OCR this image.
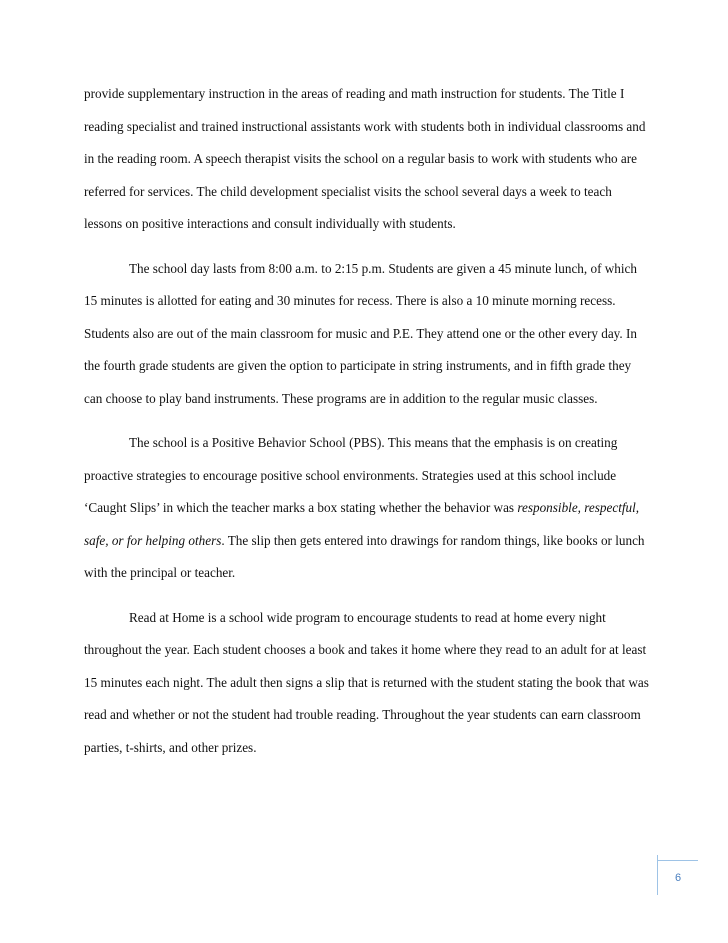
provide supplementary instruction in the areas of reading and math instruction for students. The Title I reading specialist and trained instructional assistants work with students both in individual classrooms and in the reading room. A speech therapist visits the school on a regular basis to work with students who are referred for services. The child development specialist visits the school several days a week to teach lessons on positive interactions and consult individually with students.

The school day lasts from 8:00 a.m. to 2:15 p.m. Students are given a 45 minute lunch, of which 15 minutes is allotted for eating and 30 minutes for recess. There is also a 10 minute morning recess. Students also are out of the main classroom for music and P.E. They attend one or the other every day. In the fourth grade students are given the option to participate in string instruments, and in fifth grade they can choose to play band instruments. These programs are in addition to the regular music classes.

The school is a Positive Behavior School (PBS). This means that the emphasis is on creating proactive strategies to encourage positive school environments. Strategies used at this school include ‘Caught Slips’ in which the teacher marks a box stating whether the behavior was responsible, respectful, safe, or for helping others. The slip then gets entered into drawings for random things, like books or lunch with the principal or teacher.

Read at Home is a school wide program to encourage students to read at home every night throughout the year. Each student chooses a book and takes it home where they read to an adult for at least 15 minutes each night. The adult then signs a slip that is returned with the student stating the book that was read and whether or not the student had trouble reading. Throughout the year students can earn classroom parties, t-shirts, and other prizes.

6
